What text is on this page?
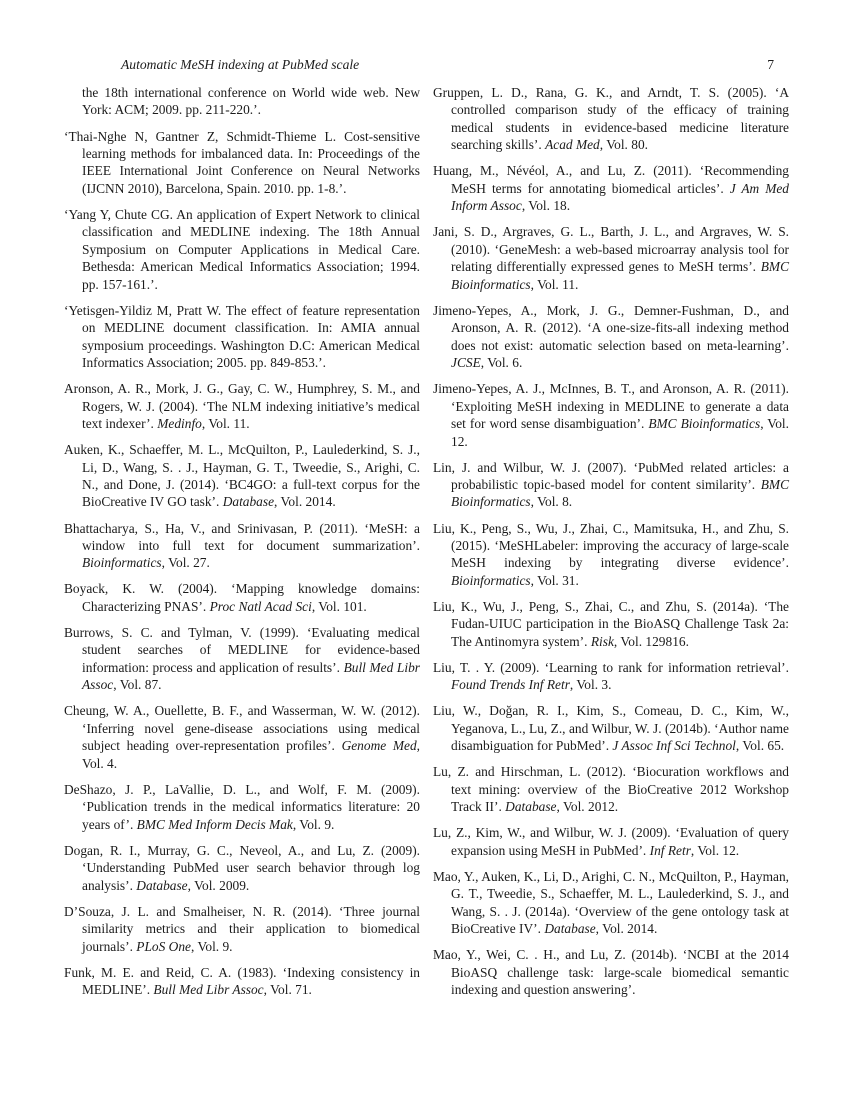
Automatic MeSH indexing at PubMed scale	7

the 18th international conference on World wide web. New York: ACM; 2009. pp. 211-220.’.

‘Thai-Nghe N, Gantner Z, Schmidt-Thieme L. Cost-sensitive learning methods for imbalanced data. In: Proceedings of the IEEE International Joint Conference on Neural Networks (IJCNN 2010), Barcelona, Spain. 2010. pp. 1-8.’.

‘Yang Y, Chute CG. An application of Expert Network to clinical classification and MEDLINE indexing. The 18th Annual Symposium on Computer Applications in Medical Care. Bethesda: American Medical Informatics Association; 1994. pp. 157-161.’.

‘Yetisgen-Yildiz M, Pratt W. The effect of feature representation on MEDLINE document classification. In: AMIA annual symposium proceedings. Washington D.C: American Medical Informatics Association; 2005. pp. 849-853.’.

Aronson, A. R., Mork, J. G., Gay, C. W., Humphrey, S. M., and Rogers, W. J. (2004). ‘The NLM indexing initiative’s medical text indexer’. Medinfo, Vol. 11.

Auken, K., Schaeffer, M. L., McQuilton, P., Laulederkind, S. J., Li, D., Wang, S. . J., Hayman, G. T., Tweedie, S., Arighi, C. N., and Done, J. (2014). ‘BC4GO: a full-text corpus for the BioCreative IV GO task’. Database, Vol. 2014.

Bhattacharya, S., Ha, V., and Srinivasan, P. (2011). ‘MeSH: a window into full text for document summarization’. Bioinformatics, Vol. 27.

Boyack, K. W. (2004). ‘Mapping knowledge domains: Characterizing PNAS’. Proc Natl Acad Sci, Vol. 101.

Burrows, S. C. and Tylman, V. (1999). ‘Evaluating medical student searches of MEDLINE for evidence-based information: process and application of results’. Bull Med Libr Assoc, Vol. 87.

Cheung, W. A., Ouellette, B. F., and Wasserman, W. W. (2012). ‘Inferring novel gene-disease associations using medical subject heading over-representation profiles’. Genome Med, Vol. 4.

DeShazo, J. P., LaVallie, D. L., and Wolf, F. M. (2009). ‘Publication trends in the medical informatics literature: 20 years of’. BMC Med Inform Decis Mak, Vol. 9.

Dogan, R. I., Murray, G. C., Neveol, A., and Lu, Z. (2009). ‘Understanding PubMed user search behavior through log analysis’. Database, Vol. 2009.

D’Souza, J. L. and Smalheiser, N. R. (2014). ‘Three journal similarity metrics and their application to biomedical journals’. PLoS One, Vol. 9.

Funk, M. E. and Reid, C. A. (1983). ‘Indexing consistency in MEDLINE’. Bull Med Libr Assoc, Vol. 71.

Gruppen, L. D., Rana, G. K., and Arndt, T. S. (2005). ‘A controlled comparison study of the efficacy of training medical students in evidence-based medicine literature searching skills’. Acad Med, Vol. 80.

Huang, M., Névéol, A., and Lu, Z. (2011). ‘Recommending MeSH terms for annotating biomedical articles’. J Am Med Inform Assoc, Vol. 18.

Jani, S. D., Argraves, G. L., Barth, J. L., and Argraves, W. S. (2010). ‘GeneMesh: a web-based microarray analysis tool for relating differentially expressed genes to MeSH terms’. BMC Bioinformatics, Vol. 11.

Jimeno-Yepes, A., Mork, J. G., Demner-Fushman, D., and Aronson, A. R. (2012). ‘A one-size-fits-all indexing method does not exist: automatic selection based on meta-learning’. JCSE, Vol. 6.

Jimeno-Yepes, A. J., McInnes, B. T., and Aronson, A. R. (2011). ‘Exploiting MeSH indexing in MEDLINE to generate a data set for word sense disambiguation’. BMC Bioinformatics, Vol. 12.

Lin, J. and Wilbur, W. J. (2007). ‘PubMed related articles: a probabilistic topic-based model for content similarity’. BMC Bioinformatics, Vol. 8.

Liu, K., Peng, S., Wu, J., Zhai, C., Mamitsuka, H., and Zhu, S. (2015). ‘MeSHLabeler: improving the accuracy of large-scale MeSH indexing by integrating diverse evidence’. Bioinformatics, Vol. 31.

Liu, K., Wu, J., Peng, S., Zhai, C., and Zhu, S. (2014a). ‘The Fudan-UIUC participation in the BioASQ Challenge Task 2a: The Antinomyra system’. Risk, Vol. 129816.

Liu, T. . Y. (2009). ‘Learning to rank for information retrieval’. Found Trends Inf Retr, Vol. 3.

Liu, W., Doğan, R. I., Kim, S., Comeau, D. C., Kim, W., Yeganova, L., Lu, Z., and Wilbur, W. J. (2014b). ‘Author name disambiguation for PubMed’. J Assoc Inf Sci Technol, Vol. 65.

Lu, Z. and Hirschman, L. (2012). ‘Biocuration workflows and text mining: overview of the BioCreative 2012 Workshop Track II’. Database, Vol. 2012.

Lu, Z., Kim, W., and Wilbur, W. J. (2009). ‘Evaluation of query expansion using MeSH in PubMed’. Inf Retr, Vol. 12.

Mao, Y., Auken, K., Li, D., Arighi, C. N., McQuilton, P., Hayman, G. T., Tweedie, S., Schaeffer, M. L., Laulederkind, S. J., and Wang, S. . J. (2014a). ‘Overview of the gene ontology task at BioCreative IV’. Database, Vol. 2014.

Mao, Y., Wei, C. . H., and Lu, Z. (2014b). ‘NCBI at the 2014 BioASQ challenge task: large-scale biomedical semantic indexing and question answering’.
